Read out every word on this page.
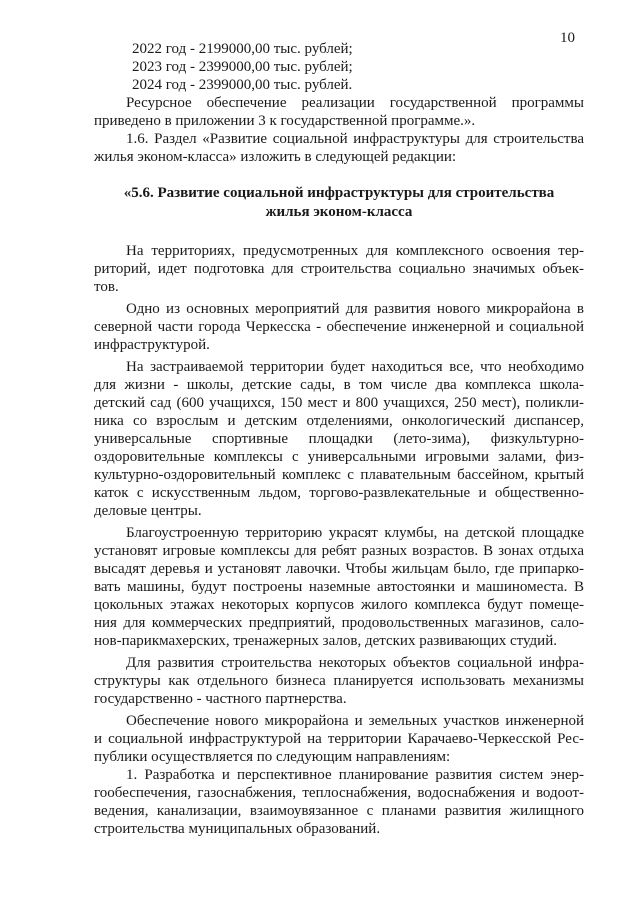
10
2022 год - 2199000,00 тыс. рублей;
2023 год - 2399000,00 тыс. рублей;
2024 год - 2399000,00 тыс. рублей.
Ресурсное обеспечение реализации государственной программы
приведено в приложении 3 к государственной программе.».
1.6. Раздел «Развитие социальной инфраструктуры для строительства
жилья эконом-класса» изложить в следующей редакции:
«5.6. Развитие социальной инфраструктуры для строительства
жилья эконом-класса
На территориях, предусмотренных для комплексного освоения тер-
риторий, идет подготовка для строительства социально значимых объек-
тов.
Одно из основных мероприятий для развития нового микрорайона в
северной части города Черкесска - обеспечение инженерной и социальной
инфраструктурой.
На застраиваемой территории будет находиться все, что необходимо
для жизни - школы, детские сады, в том числе два комплекса школа-
детский сад (600 учащихся, 150 мест и 800 учащихся, 250 мест), поликли-
ника со взрослым и детским отделениями, онкологический диспансер,
универсальные спортивные площадки (лето-зима), физкультурно-
оздоровительные комплексы с универсальными игровыми залами, физ-
культурно-оздоровительный комплекс с плавательным бассейном, крытый
каток с искусственным льдом, торгово-развлекательные и общественно-
деловые центры.
Благоустроенную территорию украсят клумбы, на детской площадке
установят игровые комплексы для ребят разных возрастов. В зонах отдыха
высадят деревья и установят лавочки. Чтобы жильцам было, где припарко-
вать машины, будут построены наземные автостоянки и машиноместа. В
цокольных этажах некоторых корпусов жилого комплекса будут помеще-
ния для коммерческих предприятий, продовольственных магазинов, сало-
нов-парикмахерских, тренажерных залов, детских развивающих студий.
Для развития строительства некоторых объектов социальной инфра-
структуры как отдельного бизнеса планируется использовать механизмы
государственно - частного партнерства.
Обеспечение нового микрорайона и земельных участков инженерной
и социальной инфраструктурой на территории Карачаево-Черкесской Рес-
публики осуществляется по следующим направлениям:
1. Разработка и перспективное планирование развития систем энер-
гообеспечения, газоснабжения, теплоснабжения, водоснабжения и водоот-
ведения, канализации, взаимоувязанное с планами развития жилищного
строительства муниципальных образований.
